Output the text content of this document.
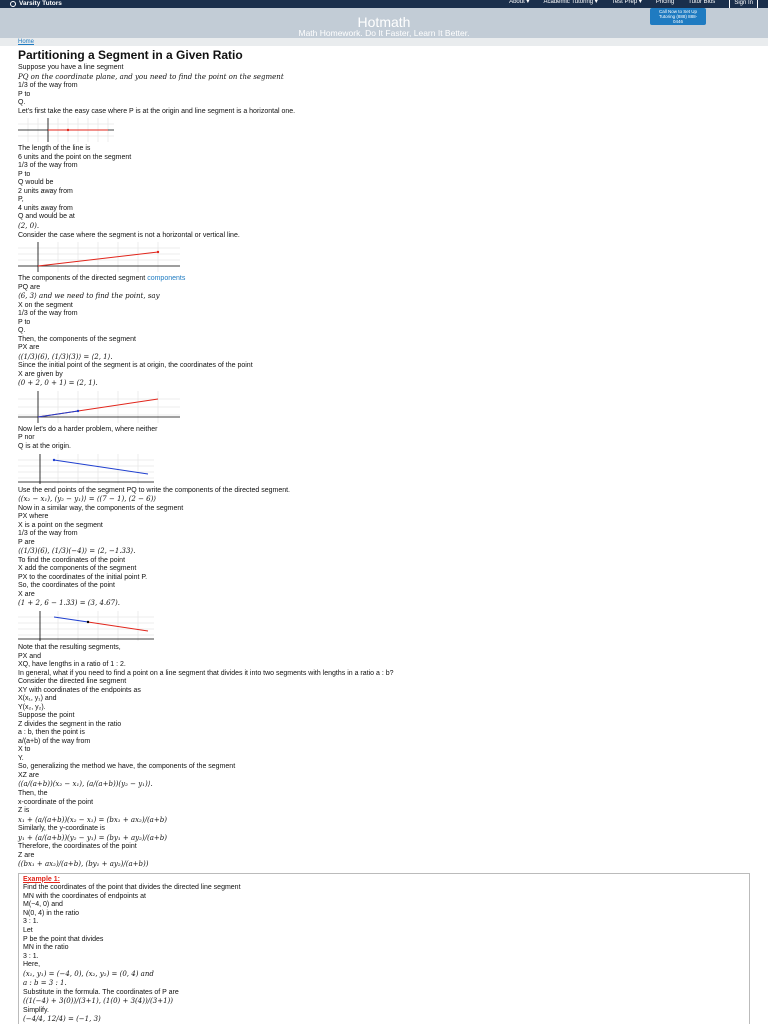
Varsity Tutors	About ▾ Academic Tutoring ▾ Test Prep ▾ Pricing Tutor Bios	Sign In
Call Now to Set Up Tutoring (888) 888-0446
Hotmath
Math Homework. Do It Faster, Learn It Better.
Home
Partitioning a Segment in a Given Ratio

Suppose you have a line segment
PQ on the coordinate plane, and you need to find the point on the segment
1/3 of the way from
P to
Q.

Let's first take the easy case where P is at the origin and line segment is a horizontal one.

The length of the line is
6 units and the point on the segment
1/3 of the way from
P to
Q would be
2 units away from
P,
4 units away from
Q and would be at
(2, 0).

Consider the case where the segment is not a horizontal or vertical line.

The components of the directed segment components
PQ are
⟨6, 3⟩ and we need to find the point, say
X on the segment
1/3 of the way from
P to
Q.

Then, the components of the segment
PX are
⟨(1/3)(6), (1/3)(3)⟩ = ⟨2, 1⟩.

Since the initial point of the segment is at origin, the coordinates of the point
X are given by
(0 + 2, 0 + 1) = (2, 1).

Now let's do a harder problem, where neither
P nor
Q is at the origin.

Use the end points of the segment PQ to write the components of the directed segment.
⟨(x₂ − x₁), (y₂ − y₁)⟩ = ⟨(7 − 1), (2 − 6)⟩

Now in a similar way, the components of the segment
PX where
X is a point on the segment
1/3 of the way from
P are
⟨(1/3)(6), (1/3)(−4)⟩ = ⟨2, −1.33⟩.

To find the coordinates of the point
X add the components of the segment
PX to the coordinates of the initial point P.

So, the coordinates of the point
X are
(1 + 2, 6 − 1.33) = (3, 4.67).

Note that the resulting segments,
PX and
XQ, have lengths in a ratio of 1 : 2.

In general, what if you need to find a point on a line segment that divides it into two segments with lengths in a ratio a : b?

Consider the directed line segment
XY with coordinates of the endpoints as
X(x₁, y₁) and
Y(x₂, y₂).

Suppose the point
Z divides the segment in the ratio
a : b, then the point is
a/(a+b) of the way from
X to
Y.

So, generalizing the method we have, the components of the segment
XZ are
⟨(a/(a+b))(x₂ − x₁), (a/(a+b))(y₂ − y₁)⟩.

Then, the
x-coordinate of the point
Z is
x₁ + (a/(a+b))(x₂ − x₁) = (bx₁ + ax₂)/(a+b)

Similarly, the y-coordinate is
y₁ + (a/(a+b))(y₂ − y₁) = (by₁ + ay₂)/(a+b)

Therefore, the coordinates of the point
Z are
((bx₁ + ax₂)/(a+b), (by₁ + ay₂)/(a+b))

Example 1:

Find the coordinates of the point that divides the directed line segment
MN with the coordinates of endpoints at
M(−4, 0) and
N(0, 4) in the ratio
3 : 1.
Let
P be the point that divides
MN in the ratio
3 : 1.
Here,
(x₁, y₁) = (−4, 0), (x₂, y₂) = (0, 4) and
a : b = 3 : 1.
Substitute in the formula. The coordinates of P are
((1(−4) + 3(0))/(3+1), (1(0) + 3(4))/(3+1))
Simplify.
(−4/4, 12/4) = (−1, 3)
